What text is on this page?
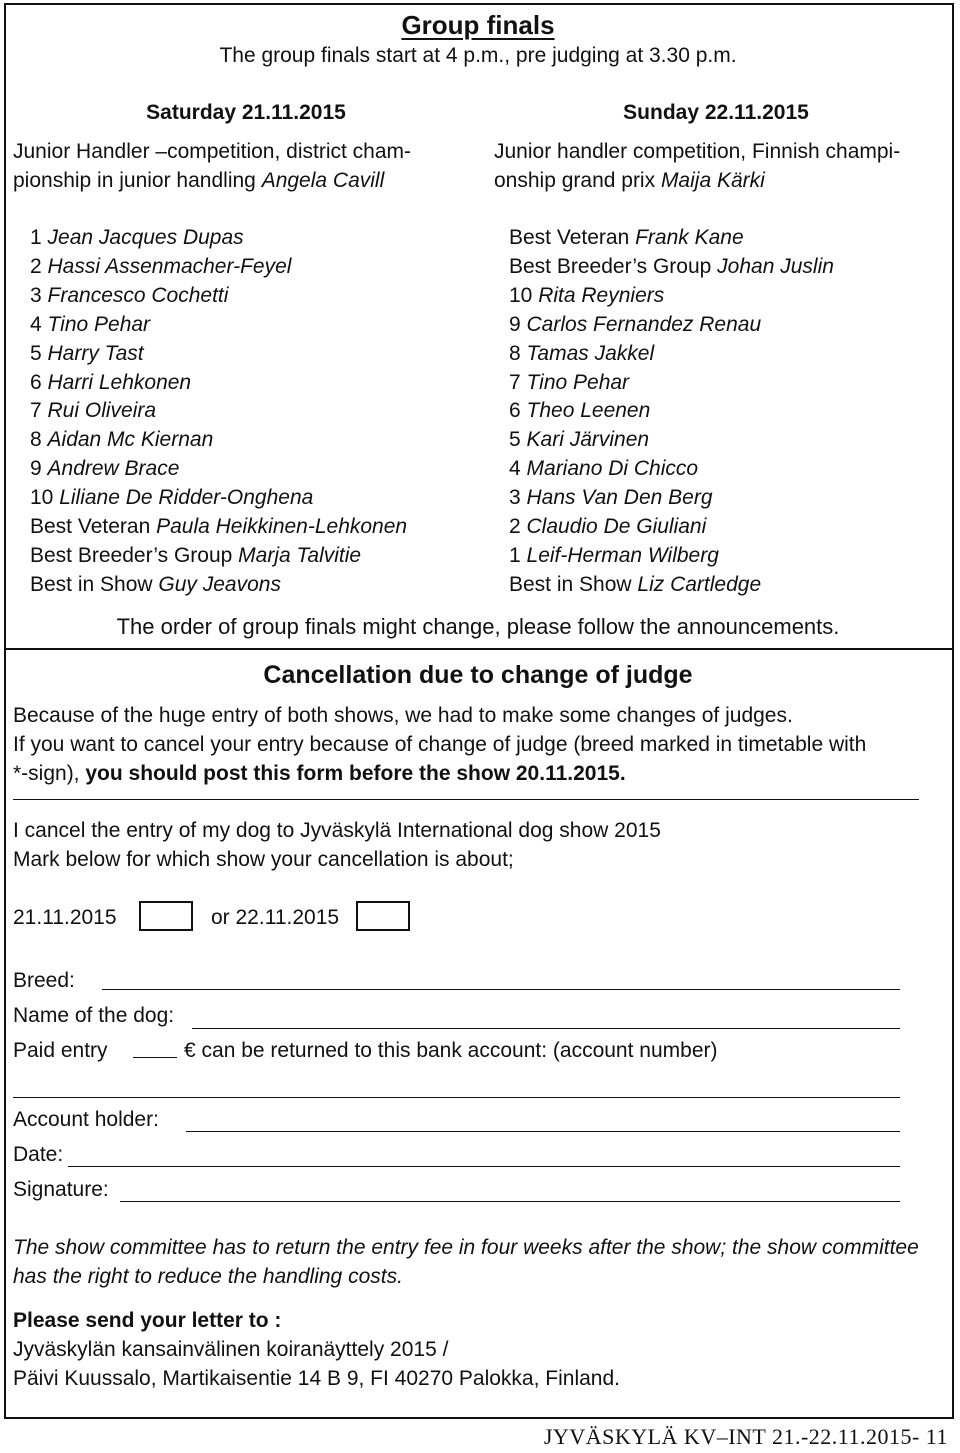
Group finals
The group finals start at 4 p.m., pre judging at 3.30 p.m.
Saturday 21.11.2015	Sunday 22.11.2015
Junior Handler –competition, district cham-
pionship in junior handling Angela Cavill
Junior handler competition, Finnish champi-
onship grand prix Maija Kärki
1 Jean Jacques Dupas
2 Hassi Assenmacher-Feyel
3 Francesco Cochetti
4 Tino Pehar
5 Harry Tast
6 Harri Lehkonen
7 Rui Oliveira
8 Aidan Mc Kiernan
9 Andrew Brace
10 Liliane De Ridder-Onghena
Best Veteran Paula Heikkinen-Lehkonen
Best Breeder’s Group Marja Talvitie
Best in Show Guy Jeavons
Best Veteran Frank Kane
Best Breeder’s Group Johan Juslin
10 Rita Reyniers
9 Carlos Fernandez Renau
8 Tamas Jakkel
7 Tino Pehar
6 Theo Leenen
5 Kari Järvinen
4 Mariano Di Chicco
3 Hans Van Den Berg
2 Claudio De Giuliani
1 Leif-Herman Wilberg
Best in Show Liz Cartledge
The order of group finals might change, please follow the announcements.
Cancellation due to change of judge
Because of the huge entry of both shows, we had to make some changes of judges.
If you want to cancel your entry because of change of judge (breed marked in timetable with
*-sign), you should post this form before the show 20.11.2015.
I cancel the entry of my dog to Jyväskylä International dog show 2015
Mark below for which show your cancellation is about;
21.11.2015	or 22.11.2015
Breed:
Name of the dog:
Paid entry	€ can be returned to this bank account: (account number)
Account holder:
Date:
Signature:
The show committee has to return the entry fee in four weeks after the show; the show committee
has the right to reduce the handling costs.
Please send your letter to :
Jyväskylän kansainvälinen koiranäyttely 2015 /
Päivi Kuussalo, Martikaisentie 14 B 9, FI 40270 Palokka, Finland.
JYVÄSKYLÄ KV–INT 21.-22.11.2015- 11
